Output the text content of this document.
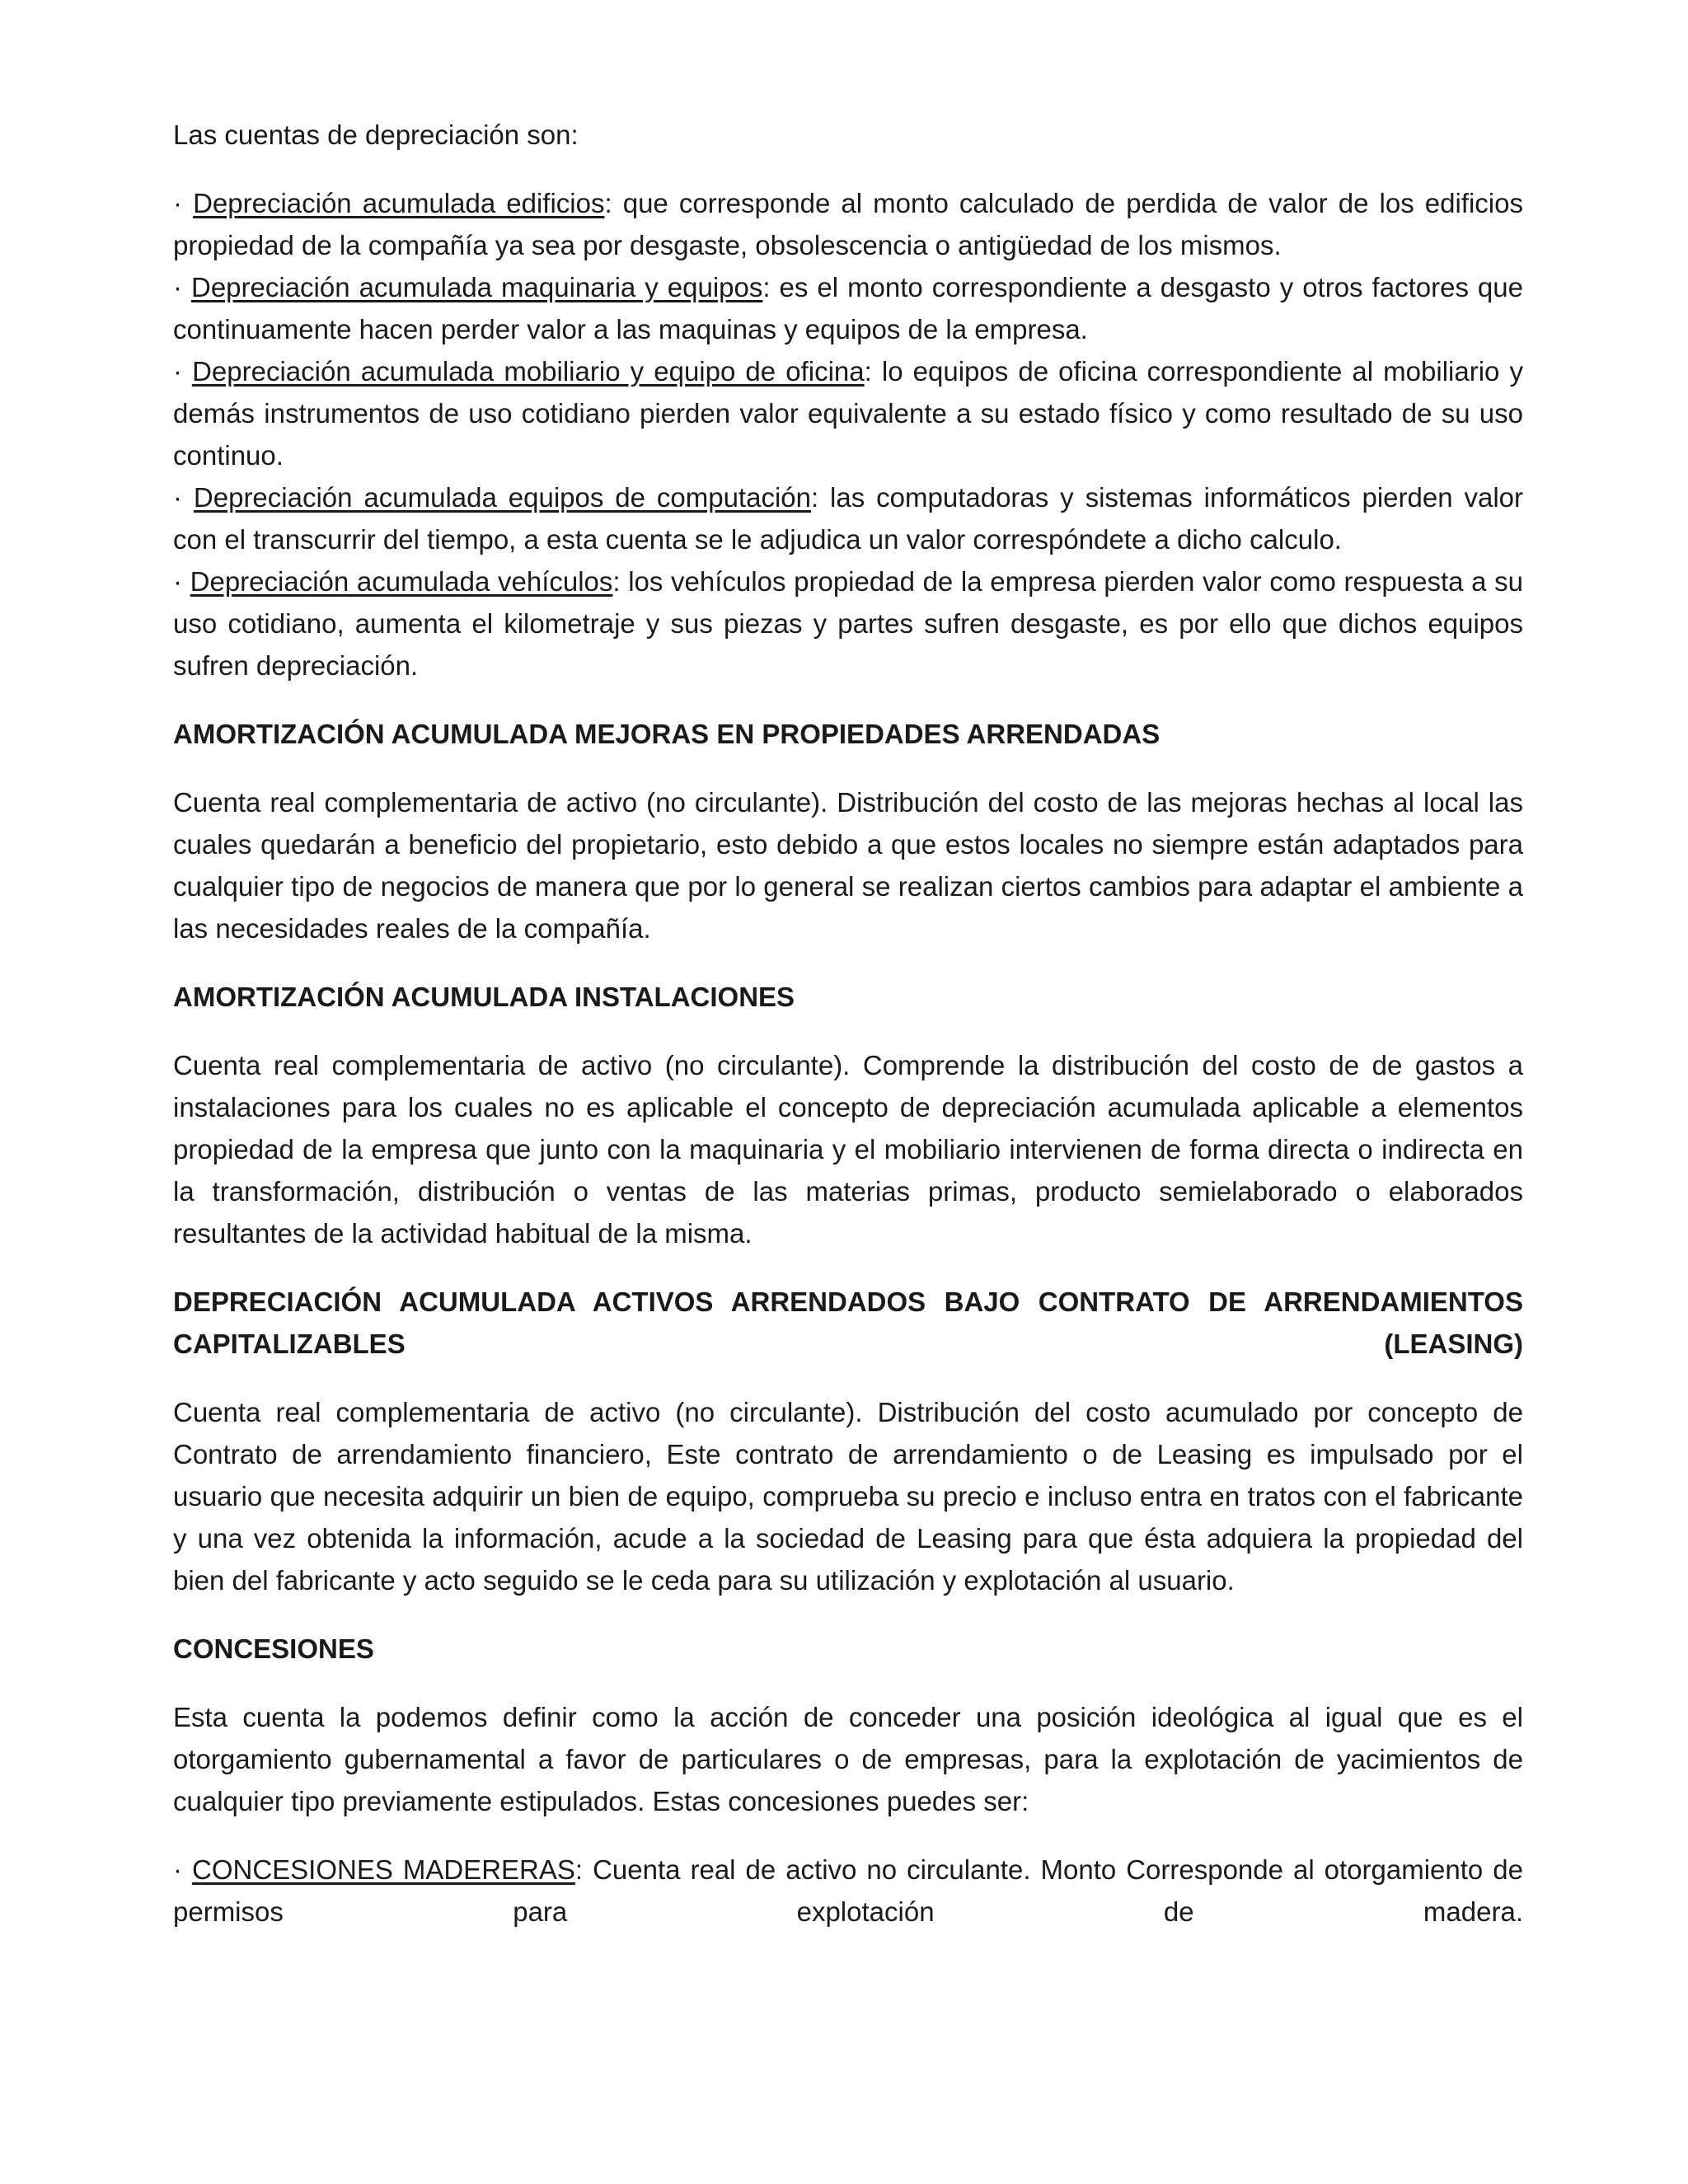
Las cuentas de depreciación son:

· Depreciación acumulada edificios: que corresponde al monto calculado de perdida de valor de los edificios propiedad de la compañía ya sea por desgaste, obsolescencia o antigüedad de los mismos.
· Depreciación acumulada maquinaria y equipos: es el monto correspondiente a desgasto y otros factores que continuamente hacen perder valor a las maquinas y equipos de la empresa.
· Depreciación acumulada mobiliario y equipo de oficina: lo equipos de oficina correspondiente al mobiliario y demás instrumentos de uso cotidiano pierden valor equivalente a su estado físico y como resultado de su uso continuo.
· Depreciación acumulada equipos de computación: las computadoras y sistemas informáticos pierden valor con el transcurrir del tiempo, a esta cuenta se le adjudica un valor correspóndete a dicho calculo.
· Depreciación acumulada vehículos: los vehículos propiedad de la empresa pierden valor como respuesta a su uso cotidiano, aumenta el kilometraje y sus piezas y partes sufren desgaste, es por ello que dichos equipos sufren depreciación.
AMORTIZACIÓN ACUMULADA MEJORAS EN PROPIEDADES ARRENDADAS

Cuenta real complementaria de activo (no circulante). Distribución del costo de las mejoras hechas al local las cuales quedarán a beneficio del propietario, esto debido a que estos locales no siempre están adaptados para cualquier tipo de negocios de manera que por lo general se realizan ciertos cambios para adaptar el ambiente a las necesidades reales de la compañía.

AMORTIZACIÓN ACUMULADA INSTALACIONES

Cuenta real complementaria de activo (no circulante). Comprende la distribución del costo de de gastos a instalaciones para los cuales no es aplicable el concepto de depreciación acumulada aplicable a elementos propiedad de la empresa que junto con la maquinaria y el mobiliario intervienen de forma directa o indirecta en la transformación, distribución o ventas de las materias primas, producto semielaborado o elaborados resultantes de la actividad habitual de la misma.

DEPRECIACIÓN ACUMULADA ACTIVOS ARRENDADOS BAJO CONTRATO DE ARRENDAMIENTOS CAPITALIZABLES (LEASING)

Cuenta real complementaria de activo (no circulante). Distribución del costo acumulado por concepto de Contrato de arrendamiento financiero, Este contrato de arrendamiento o de Leasing es impulsado por el usuario que necesita adquirir un bien de equipo, comprueba su precio e incluso entra en tratos con el fabricante y una vez obtenida la información, acude a la sociedad de Leasing para que ésta adquiera la propiedad del bien del fabricante y acto seguido se le ceda para su utilización y explotación al usuario.

CONCESIONES

Esta cuenta la podemos definir como la acción de conceder una posición ideológica al igual que es el otorgamiento gubernamental a favor de particulares o de empresas, para la explotación de yacimientos de cualquier tipo previamente estipulados. Estas concesiones puedes ser:

· CONCESIONES MADERERAS: Cuenta real de activo no circulante. Monto Corresponde al otorgamiento de permisos para explotación de madera.
